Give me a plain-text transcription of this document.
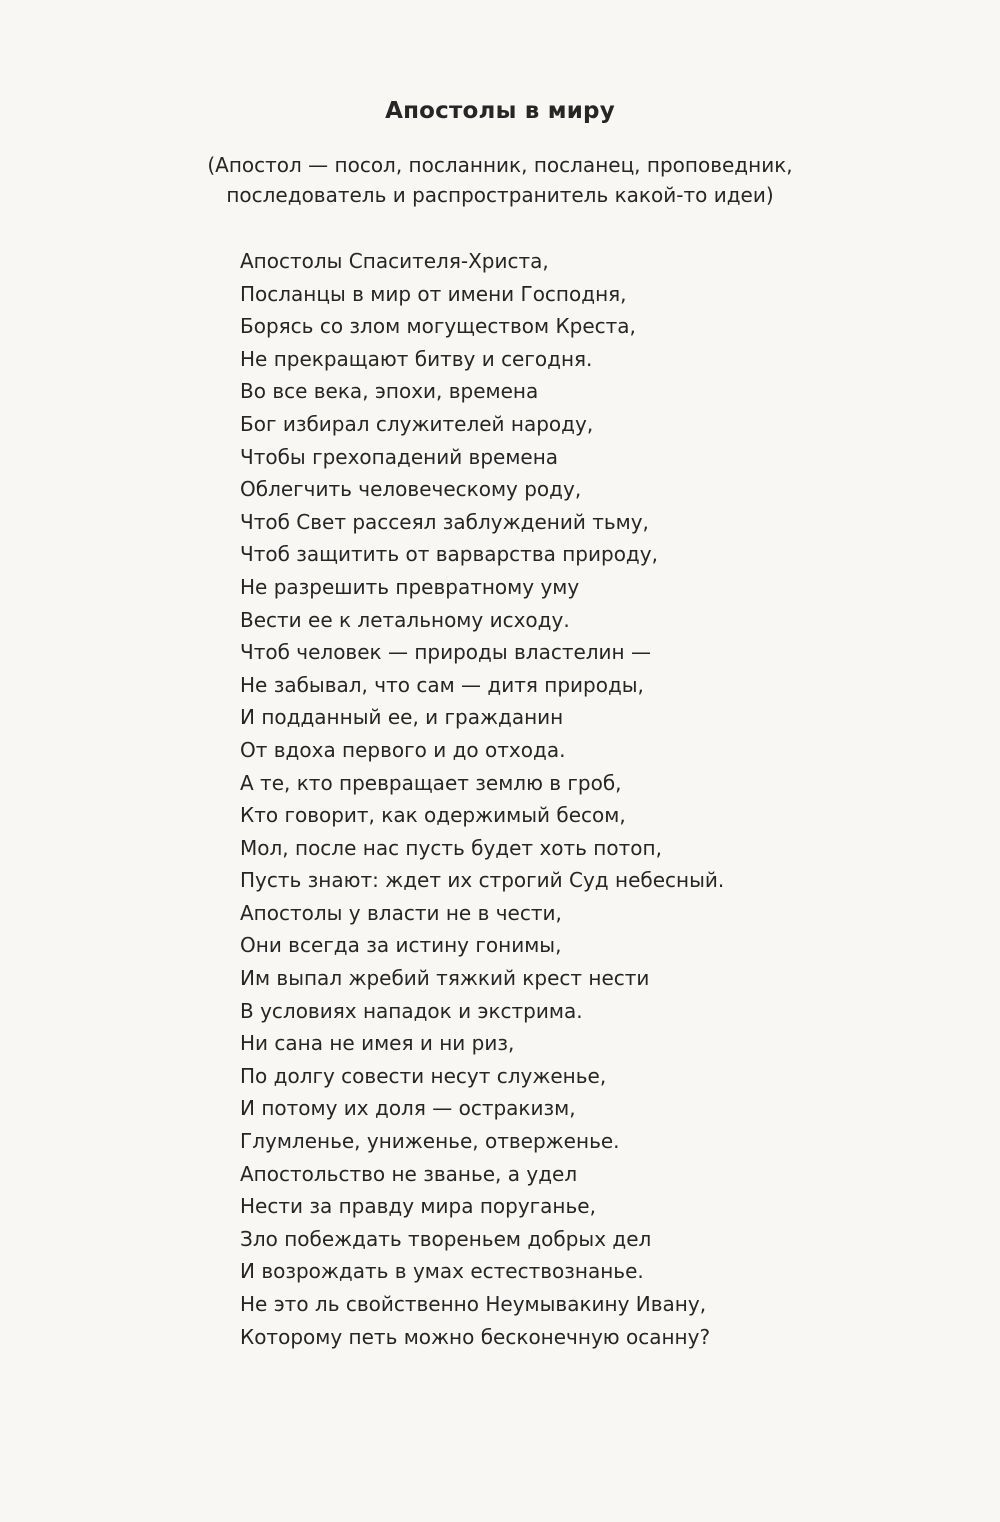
Апостолы в миру
(Апостол — посол, посланник, посланец, проповедник,
последователь и распространитель какой-то идеи)
Апостолы Спасителя-Христа,
Посланцы в мир от имени Господня,
Борясь со злом могуществом Креста,
Не прекращают битву и сегодня.
Во все века, эпохи, времена
Бог избирал служителей народу,
Чтобы грехопадений времена
Облегчить человеческому роду,
Чтоб Свет рассеял заблуждений тьму,
Чтоб защитить от варварства природу,
Не разрешить превратному уму
Вести ее к летальному исходу.
Чтоб человек — природы властелин —
Не забывал, что сам — дитя природы,
И подданный ее, и гражданин
От вдоха первого и до отхода.
А те, кто превращает землю в гроб,
Кто говорит, как одержимый бесом,
Мол, после нас пусть будет хоть потоп,
Пусть знают: ждет их строгий Суд небесный.
Апостолы у власти не в чести,
Они всегда за истину гонимы,
Им выпал жребий тяжкий крест нести
В условиях нападок и экстрима.
Ни сана не имея и ни риз,
По долгу совести несут служенье,
И потому их доля — остракизм,
Глумленье, униженье, отверженье.
Апостольство не званье, а удел
Нести за правду мира поруганье,
Зло побеждать твореньем добрых дел
И возрождать в умах естествознанье.
Не это ль свойственно Неумывакину Ивану,
Которому петь можно бесконечную осанну?
